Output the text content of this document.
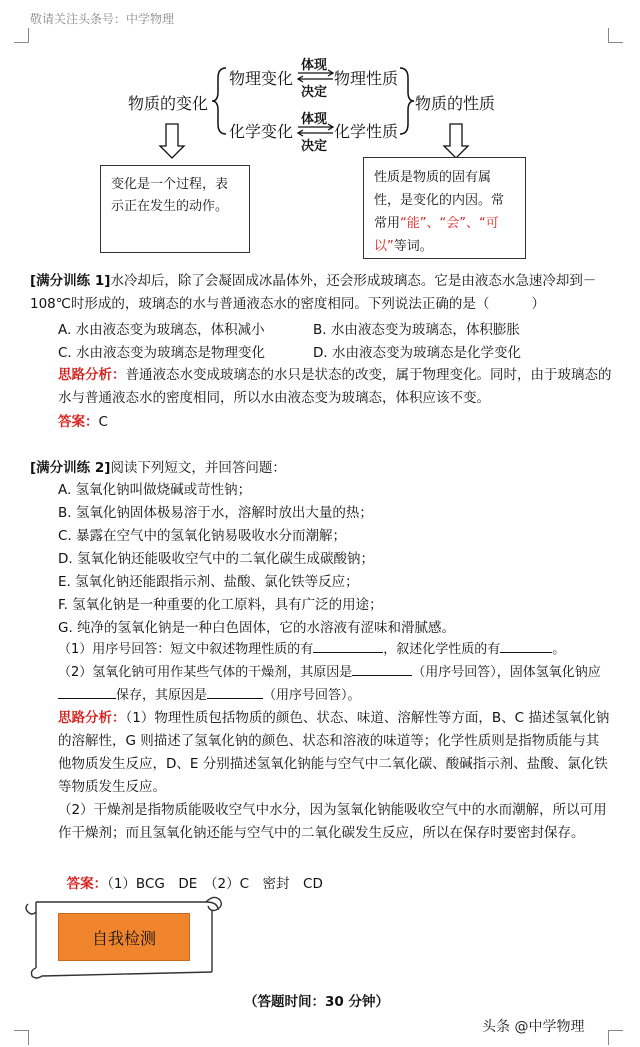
敬请关注头条号：中学物理
物质的变化	物质的性质
物理变化	物理性质
化学变化	化学性质
体现
决定
体现
决定
变化是一个过程，表示正在发生的动作。
性质是物质的固有属性，是变化的内因。常常用“能”、“会”、“可以”等词。
[满分训练 1]水冷却后，除了会凝固成冰晶体外，还会形成玻璃态。它是由液态水急速冷却到－108℃时形成的，玻璃态的水与普通液态水的密度相同。下列说法正确的是（	）
A. 水由液态变为玻璃态，体积减小	B. 水由液态变为玻璃态，体积膨胀
C. 水由液态变为玻璃态是物理变化	D. 水由液态变为玻璃态是化学变化
思路分析：普通液态水变成玻璃态的水只是状态的改变，属于物理变化。同时，由于玻璃态的水与普通液态水的密度相同，所以水由液态变为玻璃态，体积应该不变。
答案：C
[满分训练 2]阅读下列短文，并回答问题：
A. 氢氧化钠叫做烧碱或苛性钠；
B. 氢氧化钠固体极易溶于水，溶解时放出大量的热；
C. 暴露在空气中的氢氧化钠易吸收水分而潮解；
D. 氢氧化钠还能吸收空气中的二氧化碳生成碳酸钠；
E. 氢氧化钠还能跟指示剂、盐酸、氯化铁等反应；
F. 氢氧化钠是一种重要的化工原料，具有广泛的用途；
G. 纯净的氢氧化钠是一种白色固体，它的水溶液有涩味和滑腻感。
（1）用序号回答：短文中叙述物理性质的有	，叙述化学性质的有	。
（2）氢氧化钠可用作某些气体的干燥剂，其原因是	（用序号回答），固体氢氧化钠应保存，其原因是	（用序号回答）。
思路分析：（1）物理性质包括物质的颜色、状态、味道、溶解性等方面，B、C 描述氢氧化钠的溶解性，G 则描述了氢氧化钠的颜色、状态和溶液的味道等；化学性质则是指物质能与其他物质发生反应，D、E 分别描述氢氧化钠能与空气中二氧化碳、酸碱指示剂、盐酸、氯化铁等物质发生反应。
（2）干燥剂是指物质能吸收空气中水分，因为氢氧化钠能吸收空气中的水而潮解，所以可用作干燥剂；而且氢氧化钠还能与空气中的二氧化碳发生反应，所以在保存时要密封保存。

答案：（1）BCG　DE　（2）C　密封　CD

自我检测
（答题时间：30 分钟）
头条 @中学物理
